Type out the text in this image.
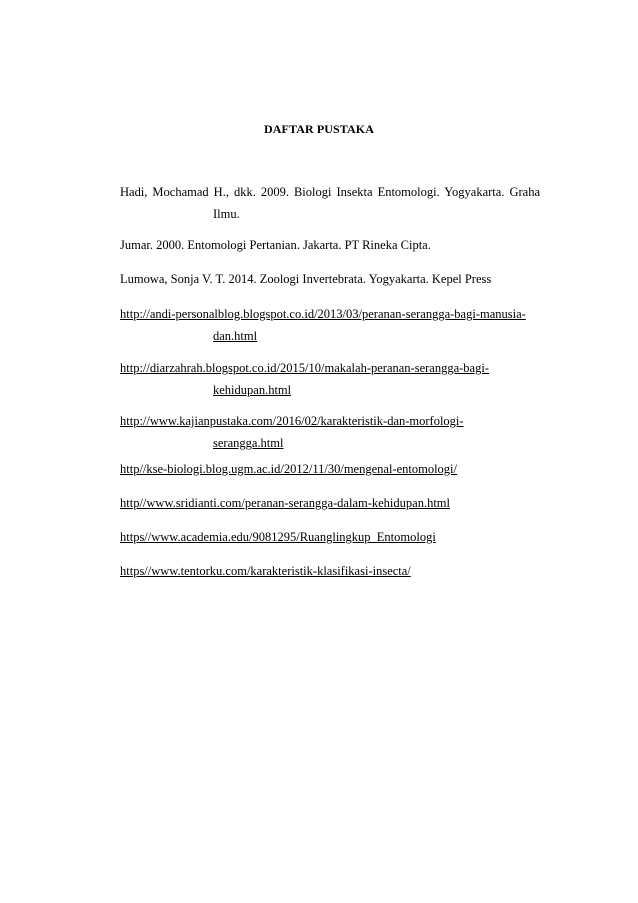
DAFTAR PUSTAKA
Hadi, Mochamad H., dkk. 2009. Biologi Insekta Entomologi. Yogyakarta. Graha
Ilmu.
Jumar. 2000. Entomologi Pertanian. Jakarta. PT Rineka Cipta.
Lumowa, Sonja V. T. 2014. Zoologi Invertebrata. Yogyakarta. Kepel Press
http://andi-personalblog.blogspot.co.id/2013/03/peranan-serangga-bagi-manusia-
dan.html
http://diarzahrah.blogspot.co.id/2015/10/makalah-peranan-serangga-bagi-
kehidupan.html
http://www.kajianpustaka.com/2016/02/karakteristik-dan-morfologi-
serangga.html
http//kse-biologi.blog.ugm.ac.id/2012/11/30/mengenal-entomologi/
http//www.sridianti.com/peranan-serangga-dalam-kehidupan.html
https//www.academia.edu/9081295/Ruanglingkup_Entomologi
https//www.tentorku.com/karakteristik-klasifikasi-insecta/
